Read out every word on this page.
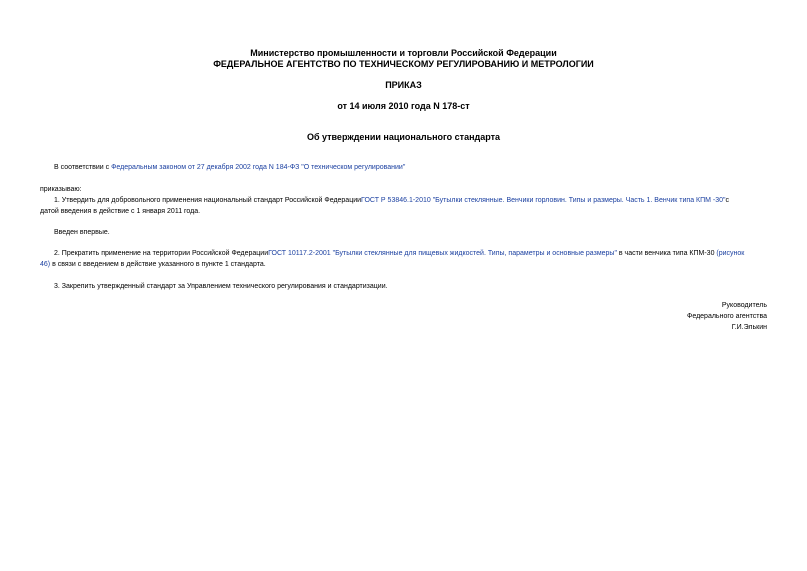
Министерство промышленности и торговли Российской Федерации
ФЕДЕРАЛЬНОЕ АГЕНТСТВО ПО ТЕХНИЧЕСКОМУ РЕГУЛИРОВАНИЮ И МЕТРОЛОГИИ
ПРИКАЗ
от 14 июля 2010 года N 178-ст
Об утверждении национального стандарта
В соответствии с Федеральным законом от 27 декабря 2002 года N 184-ФЗ "О техническом регулировании"
приказываю:
1. Утвердить для добровольного применения национальный стандарт Российской ФедерацииГОСТ Р 53846.1-2010 "Бутылки стеклянные. Венчики горловин. Типы и размеры. Часть 1. Венчик типа КПМ -30"с
датой введения в действие с 1 января 2011 года.
Введен впервые.
2. Прекратить применение на территории Российской ФедерацииГОСТ 10117.2-2001 "Бутылки стеклянные для пищевых жидкостей. Типы, параметры и основные размеры" в части венчика типа КПМ-30 (рисунок
46) в связи с введением в действие указанного в пункте 1 стандарта.
3. Закрепить утвержденный стандарт за Управлением технического регулирования и стандартизации.
Руководитель
Федерального агентства
Г.И.Элькин
